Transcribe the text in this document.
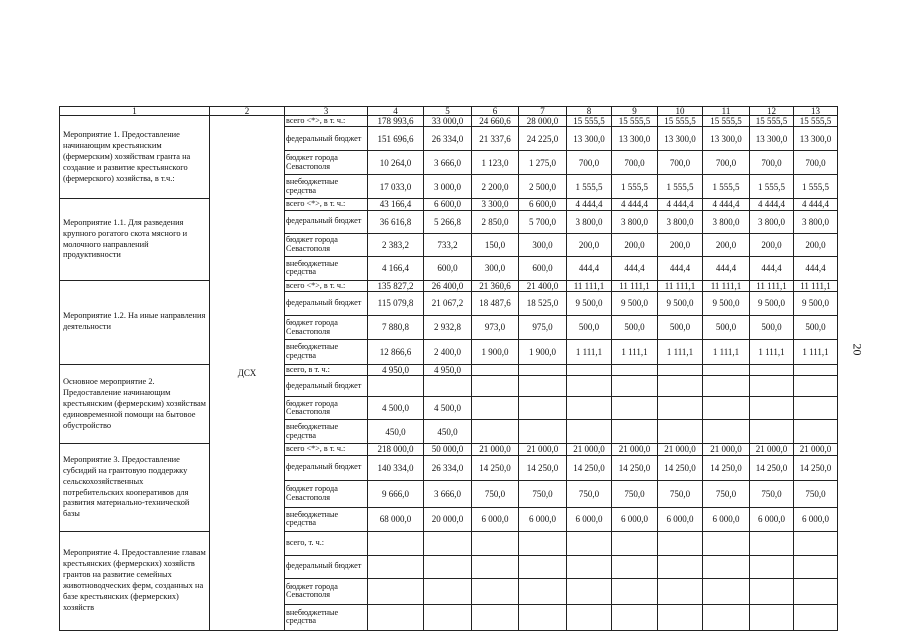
1	2	3	4	5	6	7	8	9	10	11	12	13
Мероприятие 1. Предоставление начинающим крестьянским (фермерским) хозяйствам гранта на создание и развитие крестьянского (фермерского) хозяйства, в т.ч.:	ДСХ	всего <*>, в т. ч.:	178 993,6	33 000,0	24 660,6	28 000,0	15 555,5	15 555,5	15 555,5	15 555,5	15 555,5	15 555,5
		федеральный бюджет	151 696,6	26 334,0	21 337,6	24 225,0	13 300,0	13 300,0	13 300,0	13 300,0	13 300,0	13 300,0
		бюджет города Севастополя	10 264,0	3 666,0	1 123,0	1 275,0	700,0	700,0	700,0	700,0	700,0	700,0
		внебюджетные средства	17 033,0	3 000,0	2 200,0	2 500,0	1 555,5	1 555,5	1 555,5	1 555,5	1 555,5	1 555,5
Мероприятие 1.1. Для разведения крупного рогатого скота мясного и молочного направлений продуктивности		всего <*>, в т. ч.:	43 166,4	6 600,0	3 300,0	6 600,0	4 444,4	4 444,4	4 444,4	4 444,4	4 444,4	4 444,4
		федеральный бюджет	36 616,8	5 266,8	2 850,0	5 700,0	3 800,0	3 800,0	3 800,0	3 800,0	3 800,0	3 800,0
		бюджет города Севастополя	2 383,2	733,2	150,0	300,0	200,0	200,0	200,0	200,0	200,0	200,0
		внебюджетные средства	4 166,4	600,0	300,0	600,0	444,4	444,4	444,4	444,4	444,4	444,4
Мероприятие 1.2. На иные направления деятельности		всего <*>, в т. ч.:	135 827,2	26 400,0	21 360,6	21 400,0	11 111,1	11 111,1	11 111,1	11 111,1	11 111,1	11 111,1
		федеральный бюджет	115 079,8	21 067,2	18 487,6	18 525,0	9 500,0	9 500,0	9 500,0	9 500,0	9 500,0	9 500,0
		бюджет города Севастополя	7 880,8	2 932,8	973,0	975,0	500,0	500,0	500,0	500,0	500,0	500,0
		внебюджетные средства	12 866,6	2 400,0	1 900,0	1 900,0	1 111,1	1 111,1	1 111,1	1 111,1	1 111,1	1 111,1
Основное мероприятие 2. Предоставление начинающим крестьянским (фермерским) хозяйствам единовременной помощи на бытовое обустройство		всего, в т. ч.:	4 950,0	4 950,0								
		федеральный бюджет										
		бюджет города Севастополя	4 500,0	4 500,0								
		внебюджетные средства	450,0	450,0								
Мероприятие 3. Предоставление субсидий на грантовую поддержку сельскохозяйственных потребительских кооперативов для развития материально-технической базы		всего <*>, в т. ч.:	218 000,0	50 000,0	21 000,0	21 000,0	21 000,0	21 000,0	21 000,0	21 000,0	21 000,0	21 000,0
		федеральный бюджет	140 334,0	26 334,0	14 250,0	14 250,0	14 250,0	14 250,0	14 250,0	14 250,0	14 250,0	14 250,0
		бюджет города Севастополя	9 666,0	3 666,0	750,0	750,0	750,0	750,0	750,0	750,0	750,0	750,0
		внебюджетные средства	68 000,0	20 000,0	6 000,0	6 000,0	6 000,0	6 000,0	6 000,0	6 000,0	6 000,0	6 000,0
Мероприятие 4. Предоставление главам крестьянских (фермерских) хозяйств грантов на развитие семейных животноводческих ферм, созданных на базе крестьянских (фермерских) хозяйств		всего, т. ч.:										
		федеральный бюджет										
		бюджет города Севастополя										
		внебюджетные средства										
20
